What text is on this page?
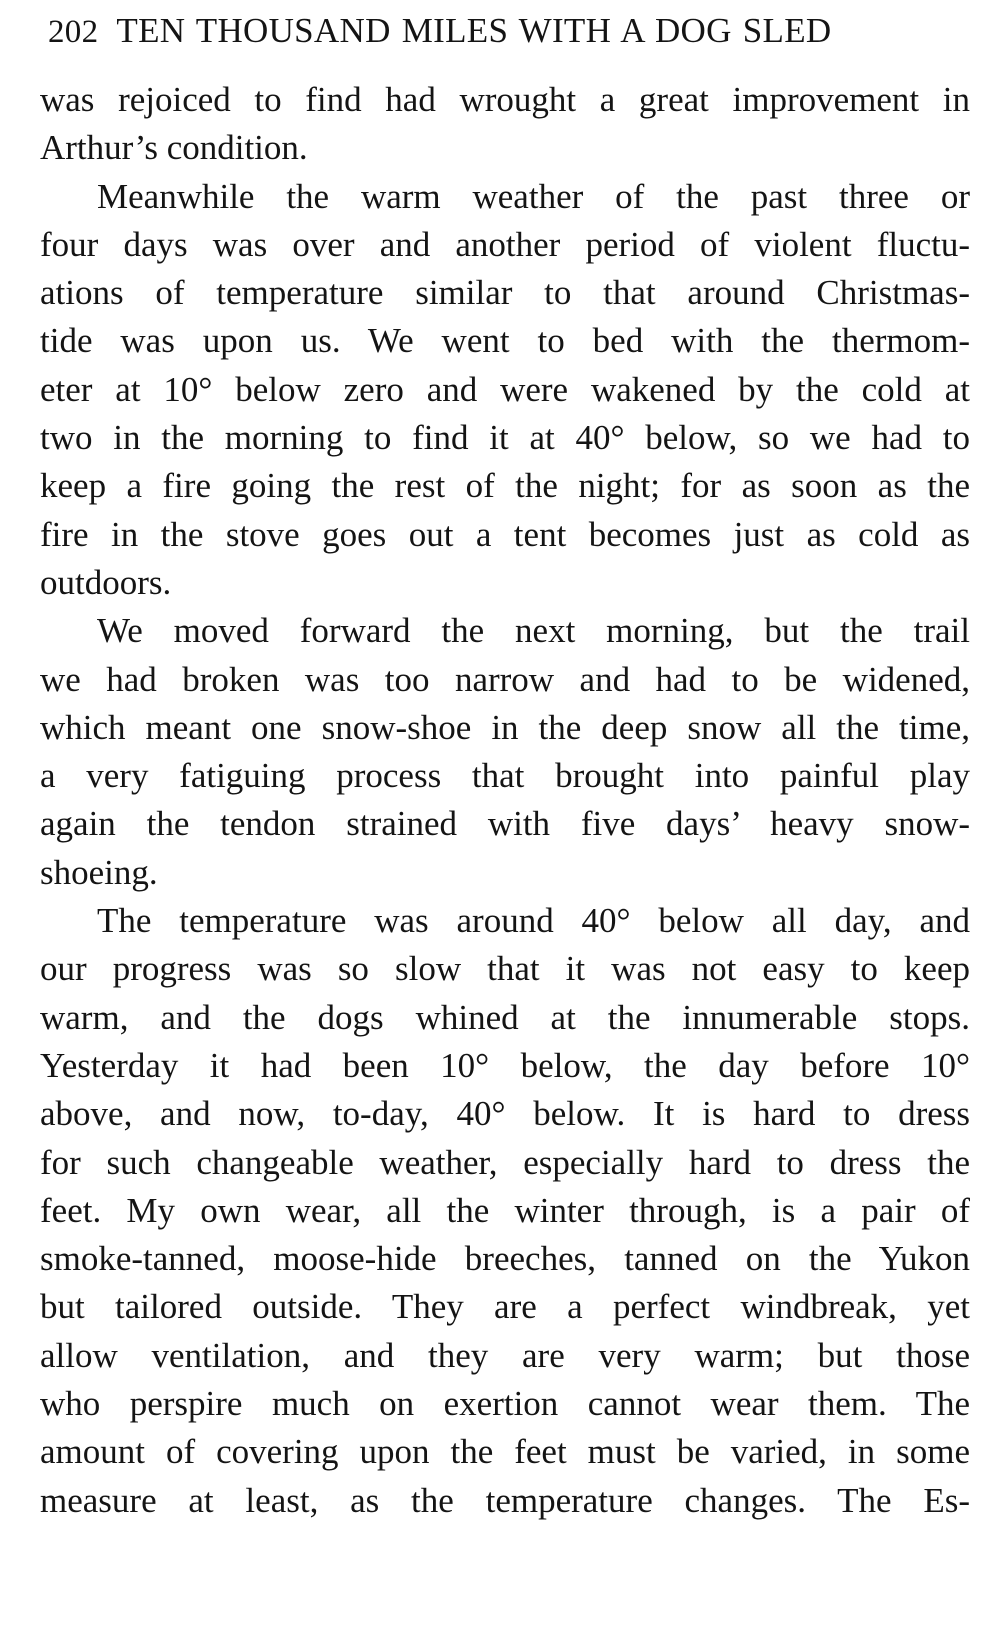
202 TEN THOUSAND MILES WITH A DOG SLED
was rejoiced to find had wrought a great improvement in
Arthur’s condition.
Meanwhile the warm weather of the past three or
four days was over and another period of violent fluctu-
ations of temperature similar to that around Christmas-
tide was upon us. We went to bed with the thermom-
eter at 10° below zero and were wakened by the cold at
two in the morning to find it at 40° below, so we had to
keep a fire going the rest of the night; for as soon as the
fire in the stove goes out a tent becomes just as cold as
outdoors.
We moved forward the next morning, but the trail
we had broken was too narrow and had to be widened,
which meant one snow-shoe in the deep snow all the time,
a very fatiguing process that brought into painful play
again the tendon strained with five days’ heavy snow-
shoeing.
The temperature was around 40° below all day, and
our progress was so slow that it was not easy to keep
warm, and the dogs whined at the innumerable stops.
Yesterday it had been 10° below, the day before 10°
above, and now, to-day, 40° below. It is hard to dress
for such changeable weather, especially hard to dress the
feet. My own wear, all the winter through, is a pair of
smoke-tanned, moose-hide breeches, tanned on the Yukon
but tailored outside. They are a perfect windbreak, yet
allow ventilation, and they are very warm; but those
who perspire much on exertion cannot wear them. The
amount of covering upon the feet must be varied, in some
measure at least, as the temperature changes. The Es-
